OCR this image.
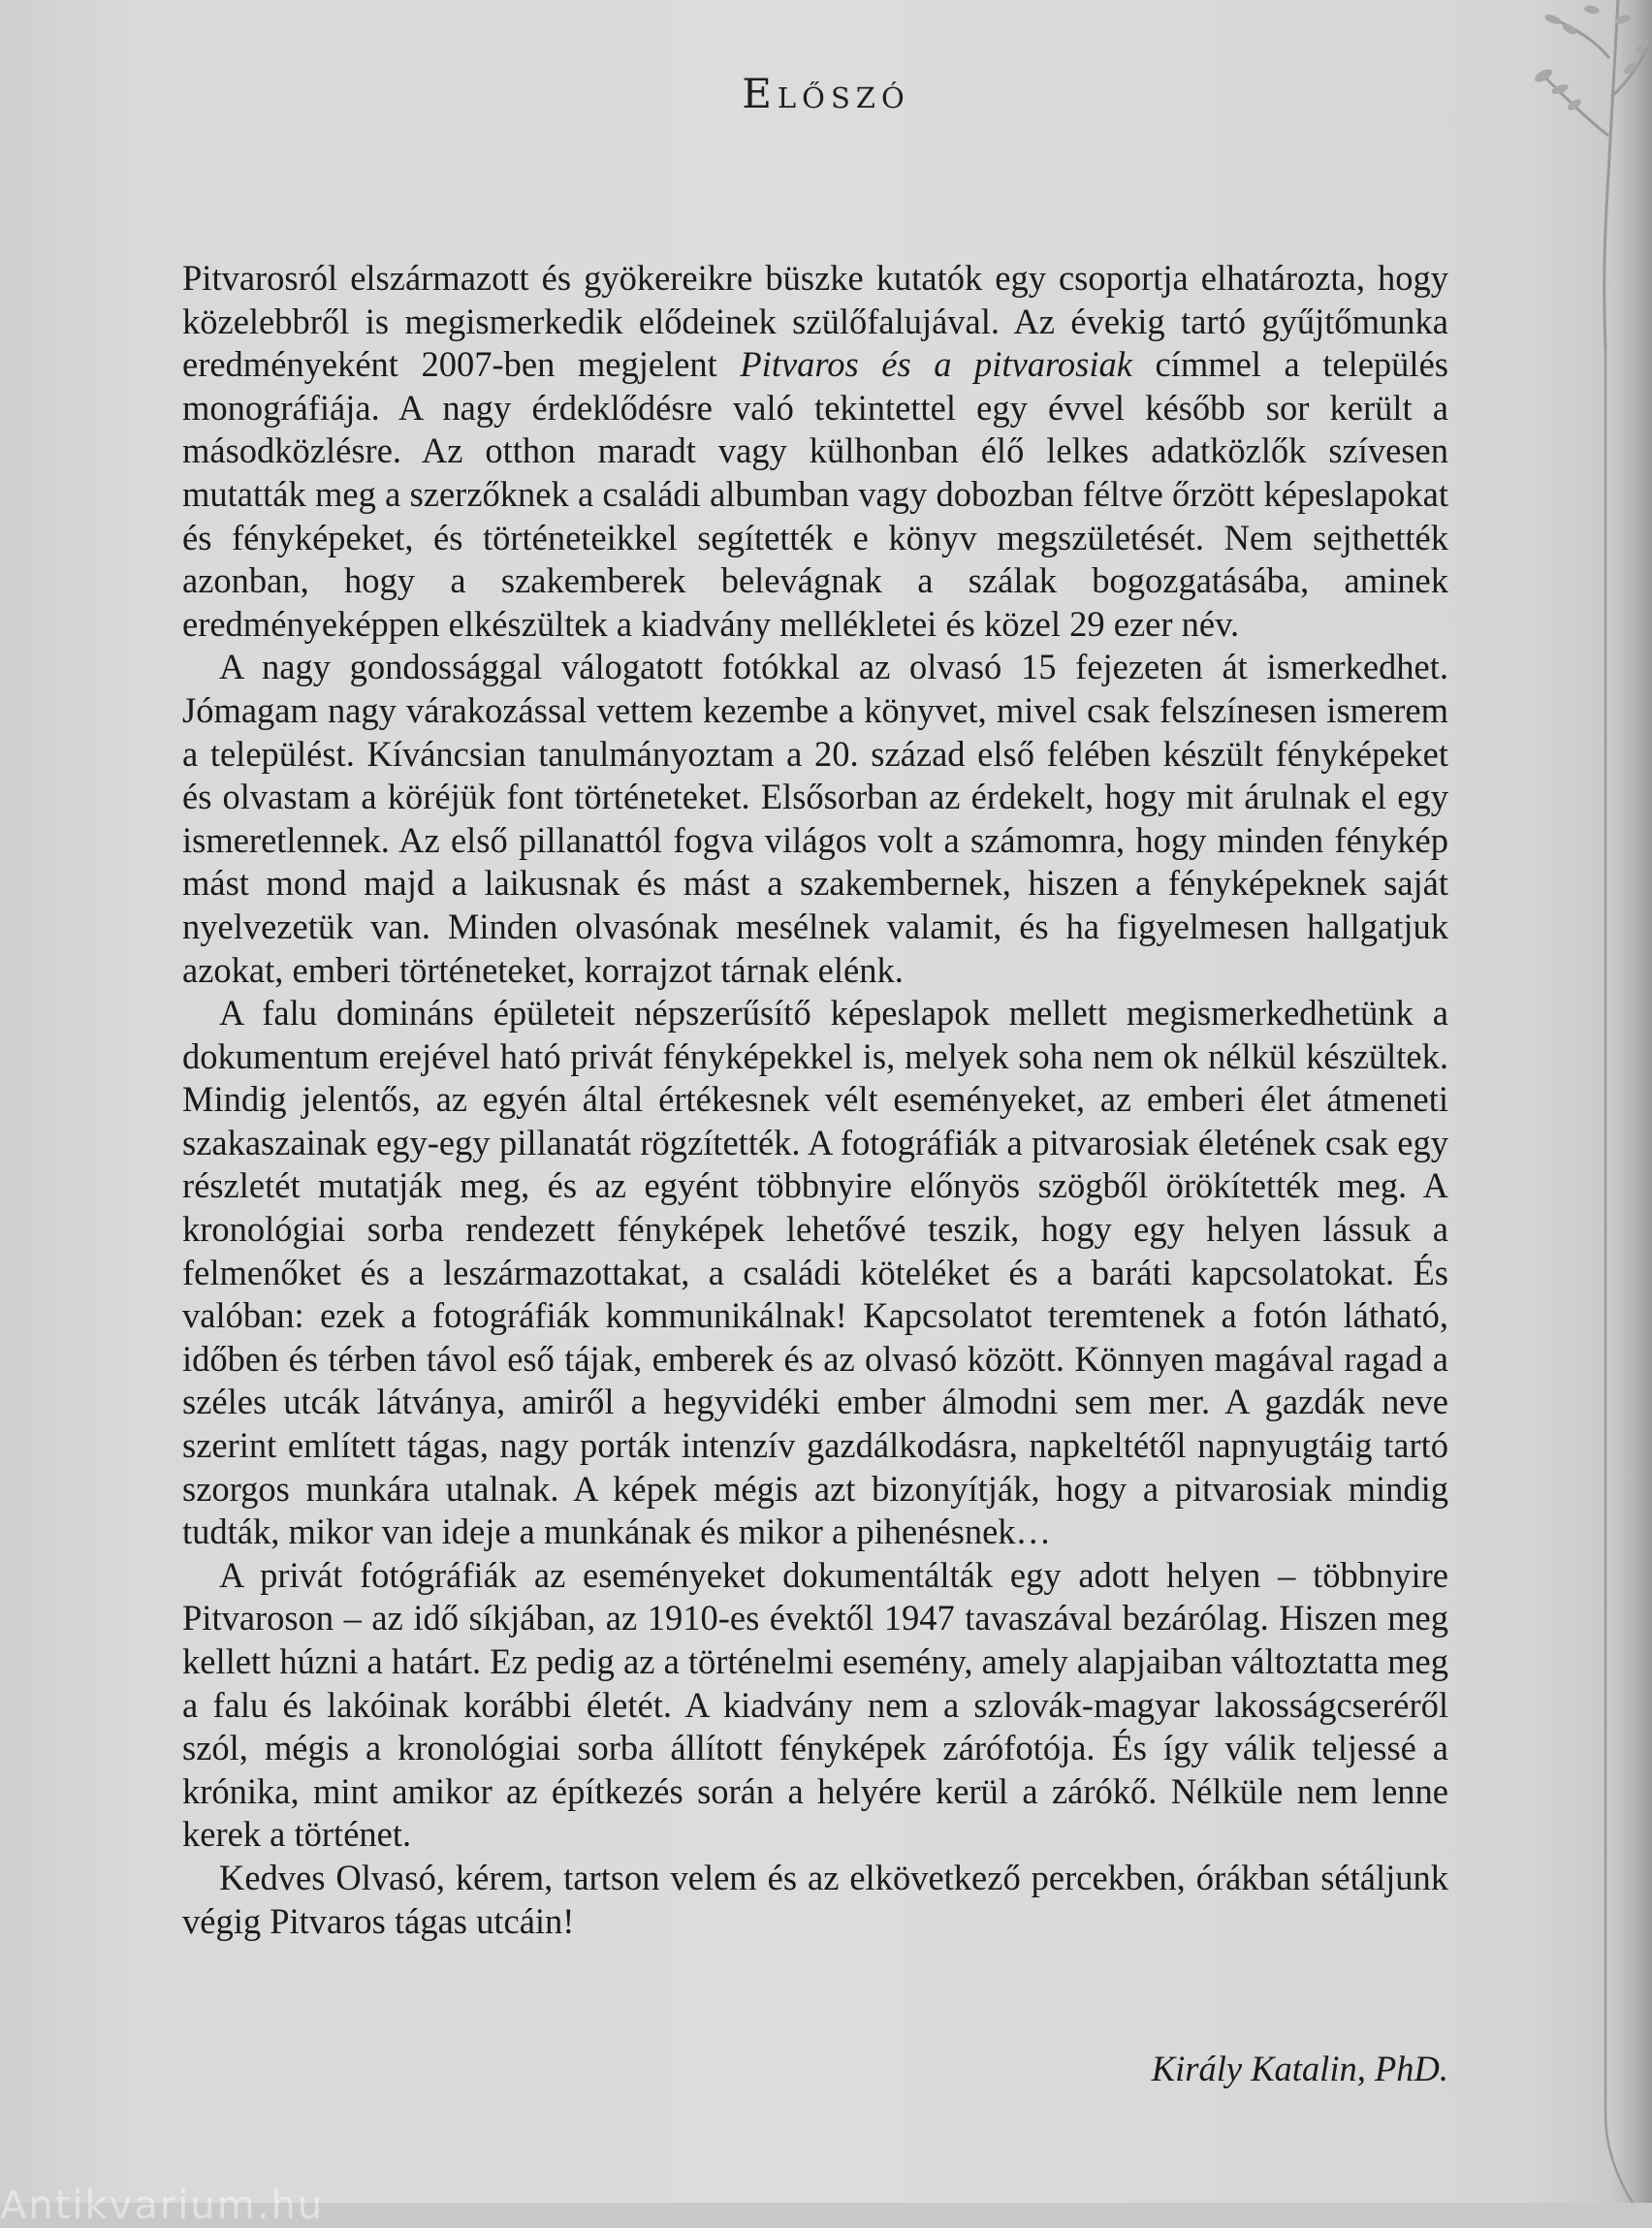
Előszó

Pitvarosról elszármazott és gyökereikre büszke kutatók egy csoportja elhatározta, hogy közelebbről is megismerkedik elődeinek szülőfalujával. Az évekig tartó gyűjtőmunka eredményeként 2007-ben megjelent Pitvaros és a pitvarosiak címmel a település monográfiája. A nagy érdeklődésre való tekintettel egy évvel később sor került a másodközlésre. Az otthon maradt vagy külhonban élő lelkes adatközlők szívesen mutatták meg a szerzőknek a családi albumban vagy dobozban féltve őrzött képeslapokat és fényképeket, és történeteikkel segítették e könyv megszületését. Nem sejthették azonban, hogy a szakemberek belevágnak a szálak bogozgatásába, aminek eredményeképpen elkészültek a kiadvány mellékletei és közel 29 ezer név.

A nagy gondossággal válogatott fotókkal az olvasó 15 fejezeten át ismerkedhet. Jómagam nagy várakozással vettem kezembe a könyvet, mivel csak felszínesen ismerem a települést. Kíváncsian tanulmányoztam a 20. század első felében készült fényképeket és olvastam a köréjük font történeteket. Elsősorban az érdekelt, hogy mit árulnak el egy ismeretlennek. Az első pillanattól fogva világos volt a számomra, hogy minden fénykép mást mond majd a laikusnak és mást a szakembernek, hiszen a fényképeknek saját nyelvezetük van. Minden olvasónak mesélnek valamit, és ha figyelmesen hallgatjuk azokat, emberi történeteket, korrajzot tárnak elénk.

A falu domináns épületeit népszerűsítő képeslapok mellett megismerkedhetünk a dokumentum erejével ható privát fényképekkel is, melyek soha nem ok nélkül készültek. Mindig jelentős, az egyén által értékesnek vélt eseményeket, az emberi élet átmeneti szakaszainak egy-egy pillanatát rögzítették. A fotográfiák a pitvarosiak életének csak egy részletét mutatják meg, és az egyént többnyire előnyös szögből örökítették meg. A kronológiai sorba rendezett fényképek lehetővé teszik, hogy egy helyen lássuk a felmenőket és a leszármazottakat, a családi köteléket és a baráti kapcsolatokat. És valóban: ezek a fotográfiák kommunikálnak! Kapcsolatot teremtenek a fotón látható, időben és térben távol eső tájak, emberek és az olvasó között. Könnyen magával ragad a széles utcák látványa, amiről a hegyvidéki ember álmodni sem mer. A gazdák neve szerint említett tágas, nagy porták intenzív gazdálkodásra, napkeltétől napnyugtáig tartó szorgos munkára utalnak. A képek mégis azt bizonyítják, hogy a pitvarosiak mindig tudták, mikor van ideje a munkának és mikor a pihenésnek…

A privát fotógráfiák az eseményeket dokumentálták egy adott helyen – többnyire Pitvaroson – az idő síkjában, az 1910-es évektől 1947 tavaszával bezárólag. Hiszen meg kellett húzni a határt. Ez pedig az a történelmi esemény, amely alapjaiban változtatta meg a falu és lakóinak korábbi életét. A kiadvány nem a szlovák-magyar lakosságcseréről szól, mégis a kronológiai sorba állított fényképek zárófotója. És így válik teljessé a krónika, mint amikor az építkezés során a helyére kerül a zárókő. Nélküle nem lenne kerek a történet.

Kedves Olvasó, kérem, tartson velem és az elkövetkező percekben, órákban sétáljunk végig Pitvaros tágas utcáin!

Király Katalin, PhD.
Antikvarium.hu
